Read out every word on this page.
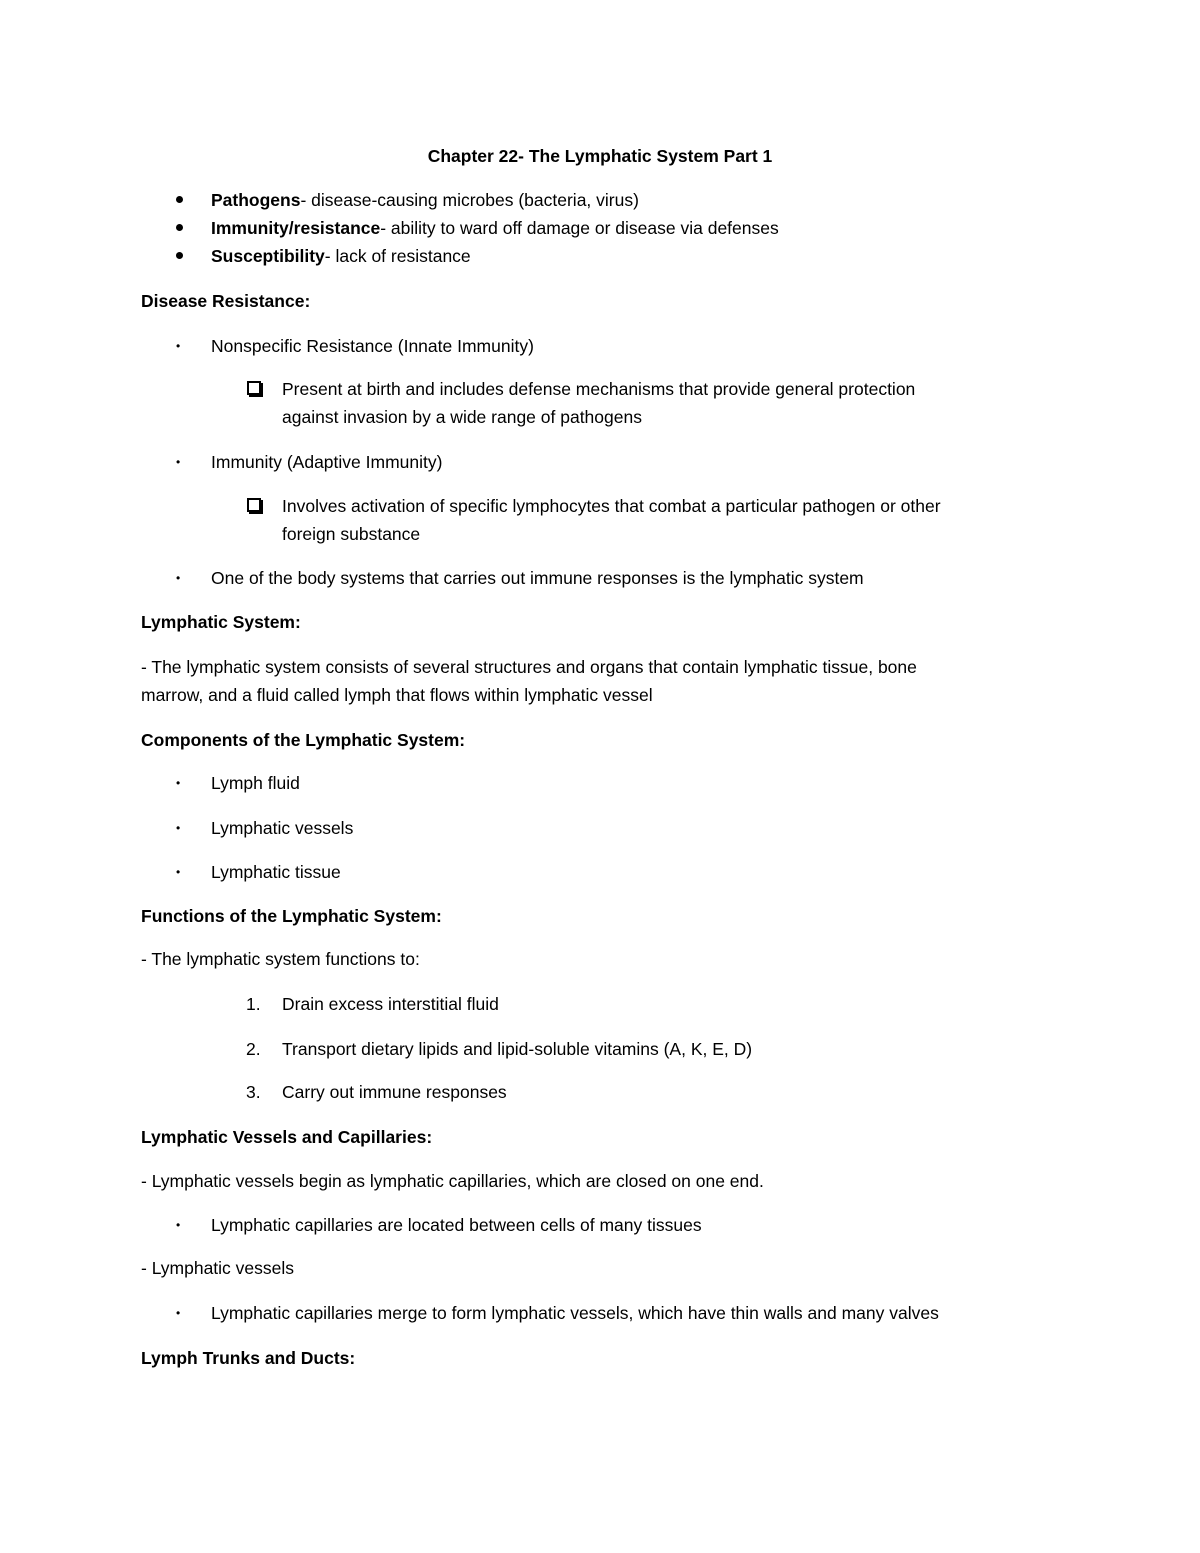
Chapter 22- The Lymphatic System Part 1
Pathogens- disease-causing microbes (bacteria, virus)
Immunity/resistance- ability to ward off damage or disease via defenses
Susceptibility- lack of resistance
Disease Resistance:
• Nonspecific Resistance (Innate Immunity)
Present at birth and includes defense mechanisms that provide general protection
against invasion by a wide range of pathogens
• Immunity (Adaptive Immunity)
Involves activation of specific lymphocytes that combat a particular pathogen or other
foreign substance
• One of the body systems that carries out immune responses is the lymphatic system
Lymphatic System:
- The lymphatic system consists of several structures and organs that contain lymphatic tissue, bone
marrow, and a fluid called lymph that flows within lymphatic vessel
Components of the Lymphatic System:
• Lymph fluid
• Lymphatic vessels
• Lymphatic tissue
Functions of the Lymphatic System:
- The lymphatic system functions to:
1. Drain excess interstitial fluid
2. Transport dietary lipids and lipid-soluble vitamins (A, K, E, D)
3. Carry out immune responses
Lymphatic Vessels and Capillaries:
- Lymphatic vessels begin as lymphatic capillaries, which are closed on one end.
• Lymphatic capillaries are located between cells of many tissues
- Lymphatic vessels
• Lymphatic capillaries merge to form lymphatic vessels, which have thin walls and many valves
Lymph Trunks and Ducts:
